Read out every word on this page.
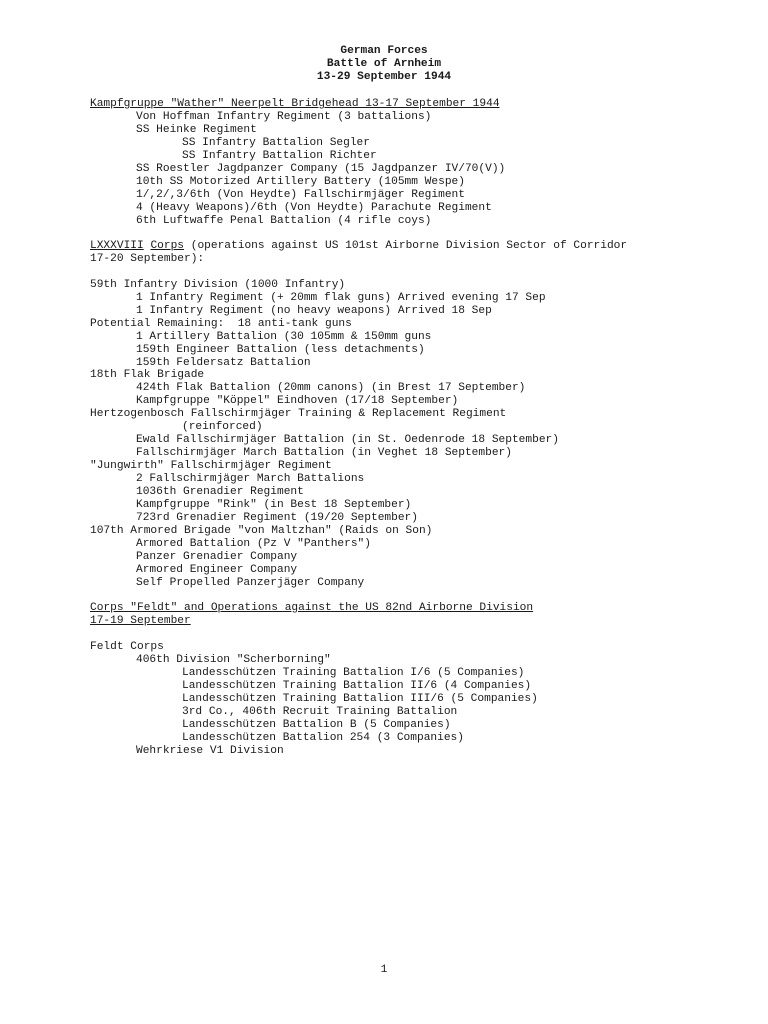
German Forces
Battle of Arnheim
13-29 September 1944
Kampfgruppe "Wather" Neerpelt Bridgehead 13-17 September 1944
Von Hoffman Infantry Regiment (3 battalions)
SS Heinke Regiment
SS Infantry Battalion Segler
SS Infantry Battalion Richter
SS Roestler Jagdpanzer Company (15 Jagdpanzer IV/70(V))
10th SS Motorized Artillery Battery (105mm Wespe)
1/,2/,3/6th (Von Heydte) Fallschirmjäger Regiment
4 (Heavy Weapons)/6th (Von Heydte) Parachute Regiment
6th Luftwaffe Penal Battalion (4 rifle coys)
LXXXVIII Corps (operations against US 101st Airborne Division Sector of Corridor
17-20 September):
59th Infantry Division (1000 Infantry)
1 Infantry Regiment (+ 20mm flak guns) Arrived evening 17 Sep
1 Infantry Regiment (no heavy weapons) Arrived 18 Sep
Potential Remaining:  18 anti-tank guns
1 Artillery Battalion (30 105mm & 150mm guns
159th Engineer Battalion (less detachments)
159th Feldersatz Battalion
18th Flak Brigade
424th Flak Battalion (20mm canons) (in Brest 17 September)
Kampfgruppe "Köppel" Eindhoven (17/18 September)
Hertzogenbosch Fallschirmjäger Training & Replacement Regiment
(reinforced)
Ewald Fallschirmjäger Battalion (in St. Oedenrode 18 September)
Fallschirmjäger March Battalion (in Veghet 18 September)
"Jungwirth" Fallschirmjäger Regiment
2 Fallschirmjäger March Battalions
1036th Grenadier Regiment
Kampfgruppe "Rink" (in Best 18 September)
723rd Grenadier Regiment (19/20 September)
107th Armored Brigade "von Maltzhan" (Raids on Son)
Armored Battalion (Pz V "Panthers")
Panzer Grenadier Company
Armored Engineer Company
Self Propelled Panzerjäger Company
Corps "Feldt" and Operations against the US 82nd Airborne Division
17-19 September
Feldt Corps
406th Division "Scherborning"
Landesschützen Training Battalion I/6 (5 Companies)
Landesschützen Training Battalion II/6 (4 Companies)
Landesschützen Training Battalion III/6 (5 Companies)
3rd Co., 406th Recruit Training Battalion
Landesschützen Battalion B (5 Companies)
Landesschützen Battalion 254 (3 Companies)
Wehrkriese V1 Division
1
